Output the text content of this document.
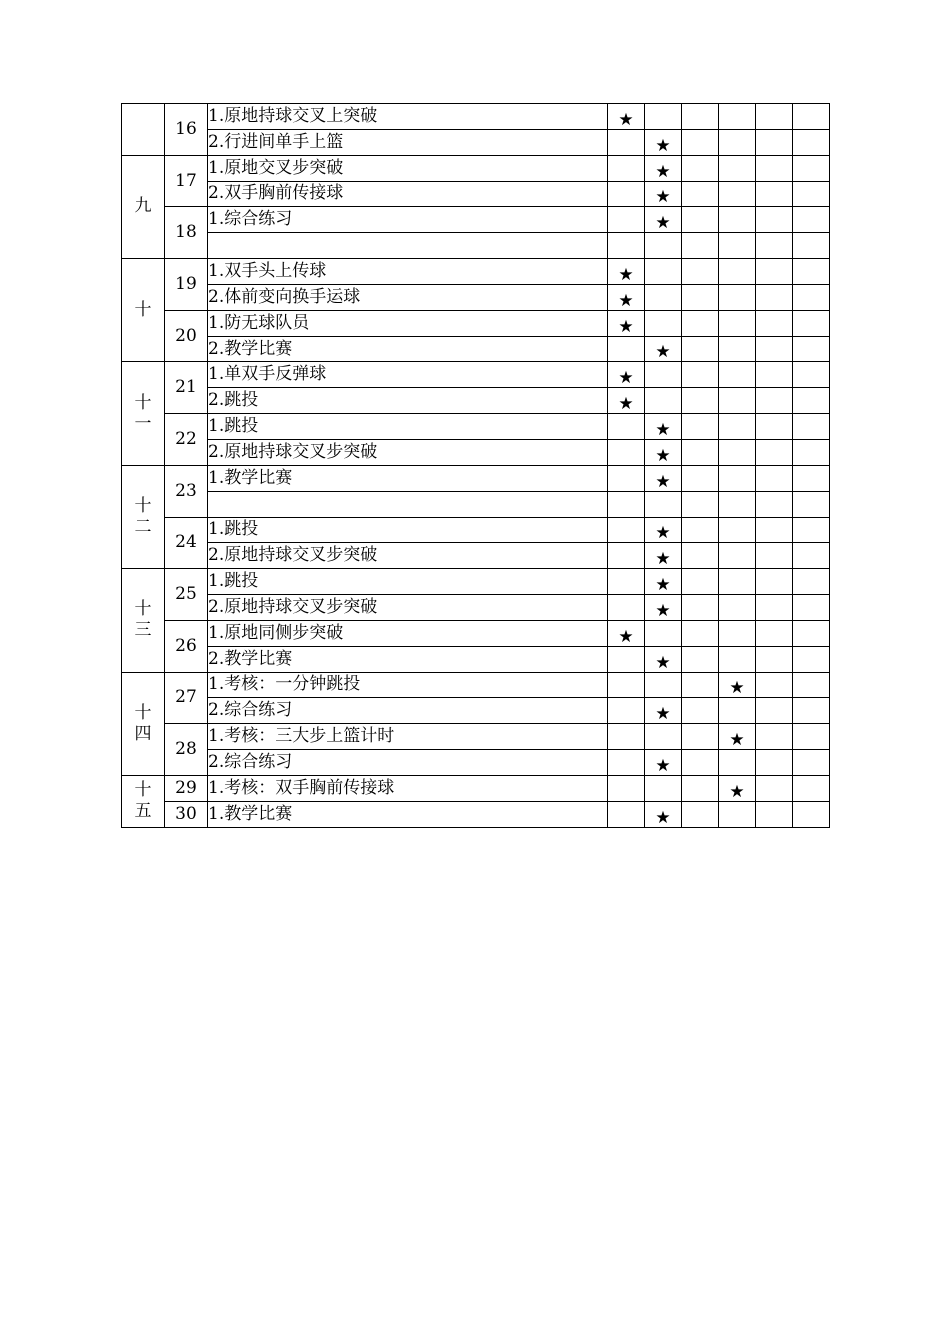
	16	1.原地持球交叉上突破	★					
		2.行进间单手上篮		★				
九	17	1.原地交叉步突破		★				
		2.双手胸前传接球		★				
	18	1.综合练习		★				

十	19	1.双手头上传球	★					
		2.体前变向换手运球	★					
	20	1.防无球队员	★					
		2.教学比赛		★				
十一	21	1.单双手反弹球	★					
		2.跳投	★					
	22	1.跳投		★				
		2.原地持球交叉步突破		★				
十二	23	1.教学比赛		★				

	24	1.跳投		★				
		2.原地持球交叉步突破		★				
十三	25	1.跳投		★				
		2.原地持球交叉步突破		★				
	26	1.原地同侧步突破	★					
		2.教学比赛		★				
十四	27	1.考核：一分钟跳投				★		
		2.综合练习		★				
	28	1.考核：三大步上篮计时				★		
		2.综合练习		★				
十五	29	1.考核：双手胸前传接球				★		
	30	1.教学比赛		★				
